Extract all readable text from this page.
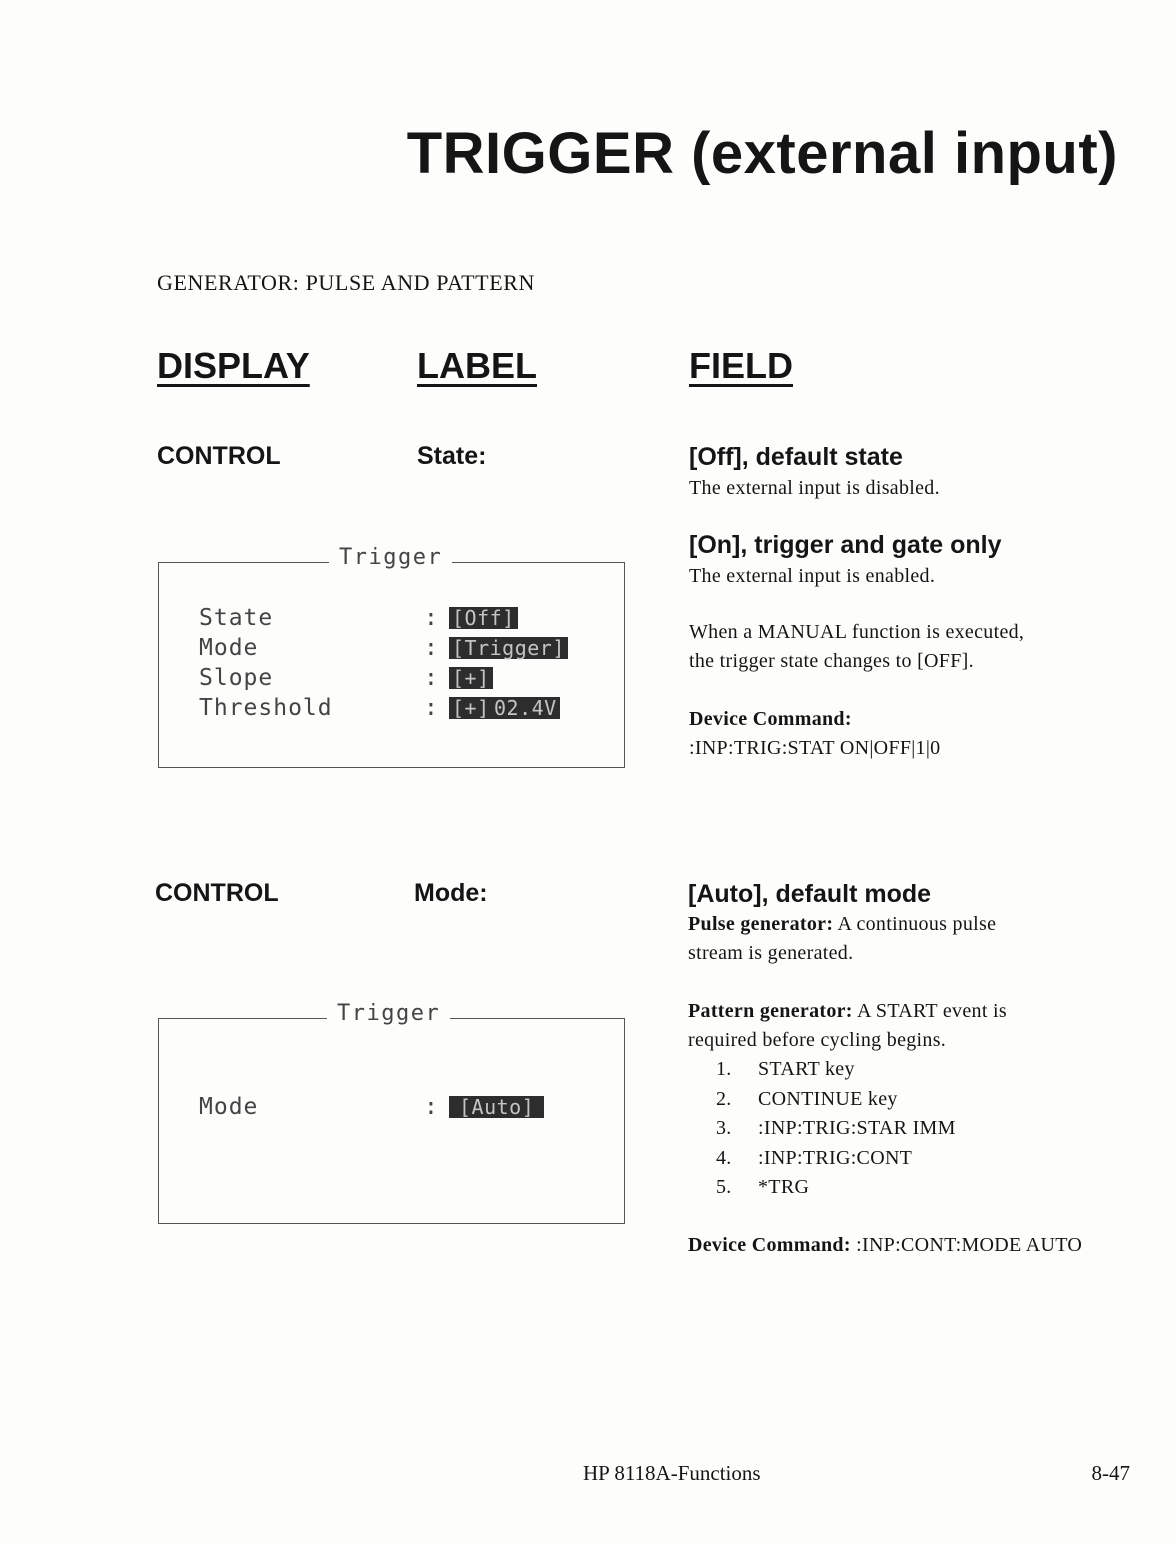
TRIGGER (external input)
GENERATOR: PULSE AND PATTERN
DISPLAY	LABEL	FIELD
CONTROL	State:
Trigger
State	: [Off]
Mode	: [Trigger]
Slope	: [+]
Threshold	: [+] 02.4V
[Off], default state
The external input is disabled.
[On], trigger and gate only
The external input is enabled.
When a MANUAL function is executed,
the trigger state changes to [OFF].
Device Command:
:INP:TRIG:STAT ON|OFF|1|0
CONTROL	Mode:
Trigger
Mode	:	[Auto]
[Auto], default mode
Pulse generator: A continuous pulse
stream is generated.
Pattern generator: A START event is
required before cycling begins.
1. START key
2. CONTINUE key
3. :INP:TRIG:STAR IMM
4. :INP:TRIG:CONT
5. *TRG
Device Command: :INP:CONT:MODE AUTO
HP 8118A-Functions	8-47
